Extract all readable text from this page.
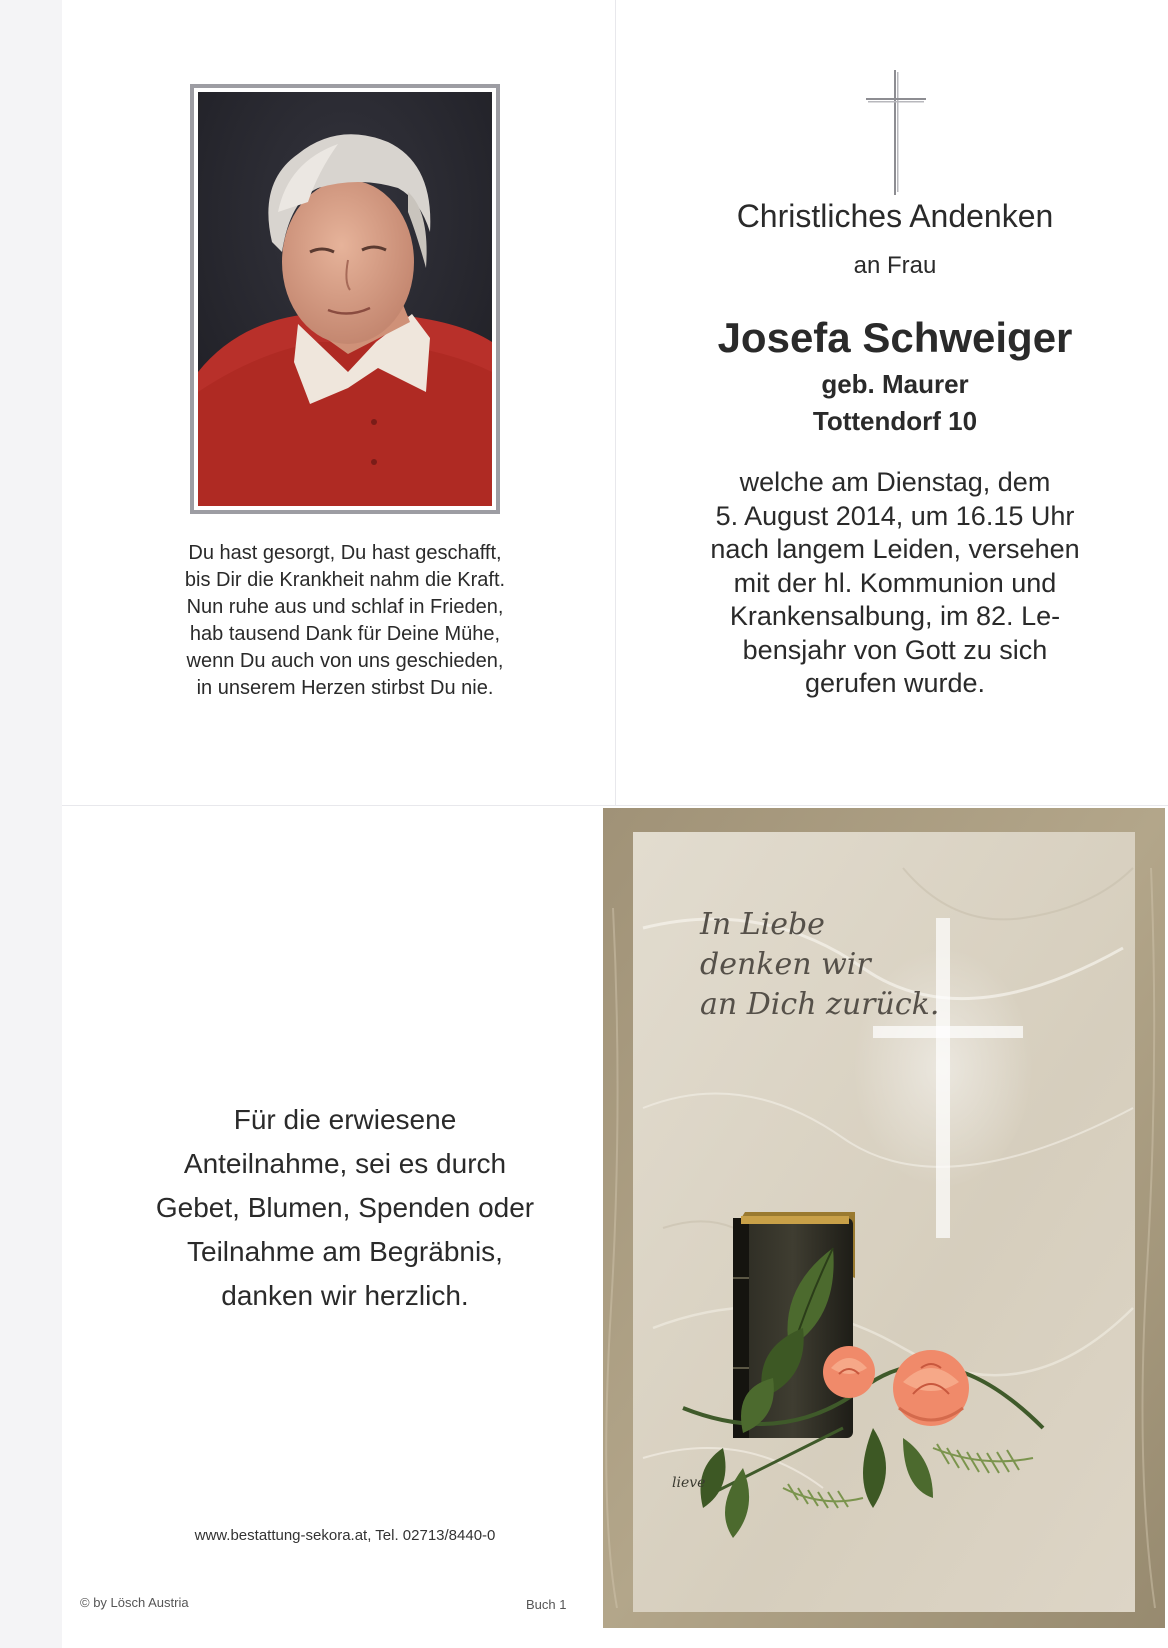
Du hast gesorgt, Du hast geschafft,
bis Dir die Krankheit nahm die Kraft.
Nun ruhe aus und schlaf in Frieden,
hab tausend Dank für Deine Mühe,
wenn Du auch von uns geschieden,
in unserem Herzen stirbst Du nie.
Christliches Andenken
an Frau
Josefa Schweiger
geb. Maurer
Tottendorf 10
welche am Dienstag, dem
5. August 2014, um 16.15 Uhr
nach langem Leiden, versehen
mit der hl. Kommunion und
Krankensalbung, im 82. Le-
bensjahr von Gott zu sich
gerufen wurde.
Für die erwiesene
Anteilnahme, sei es durch
Gebet, Blumen, Spenden oder
Teilnahme am Begräbnis,
danken wir herzlich.
www.bestattung-sekora.at, Tel. 02713/8440-0
© by Lösch Austria	Buch 1
In Liebe
denken wir
an Dich zurück.
lieve
